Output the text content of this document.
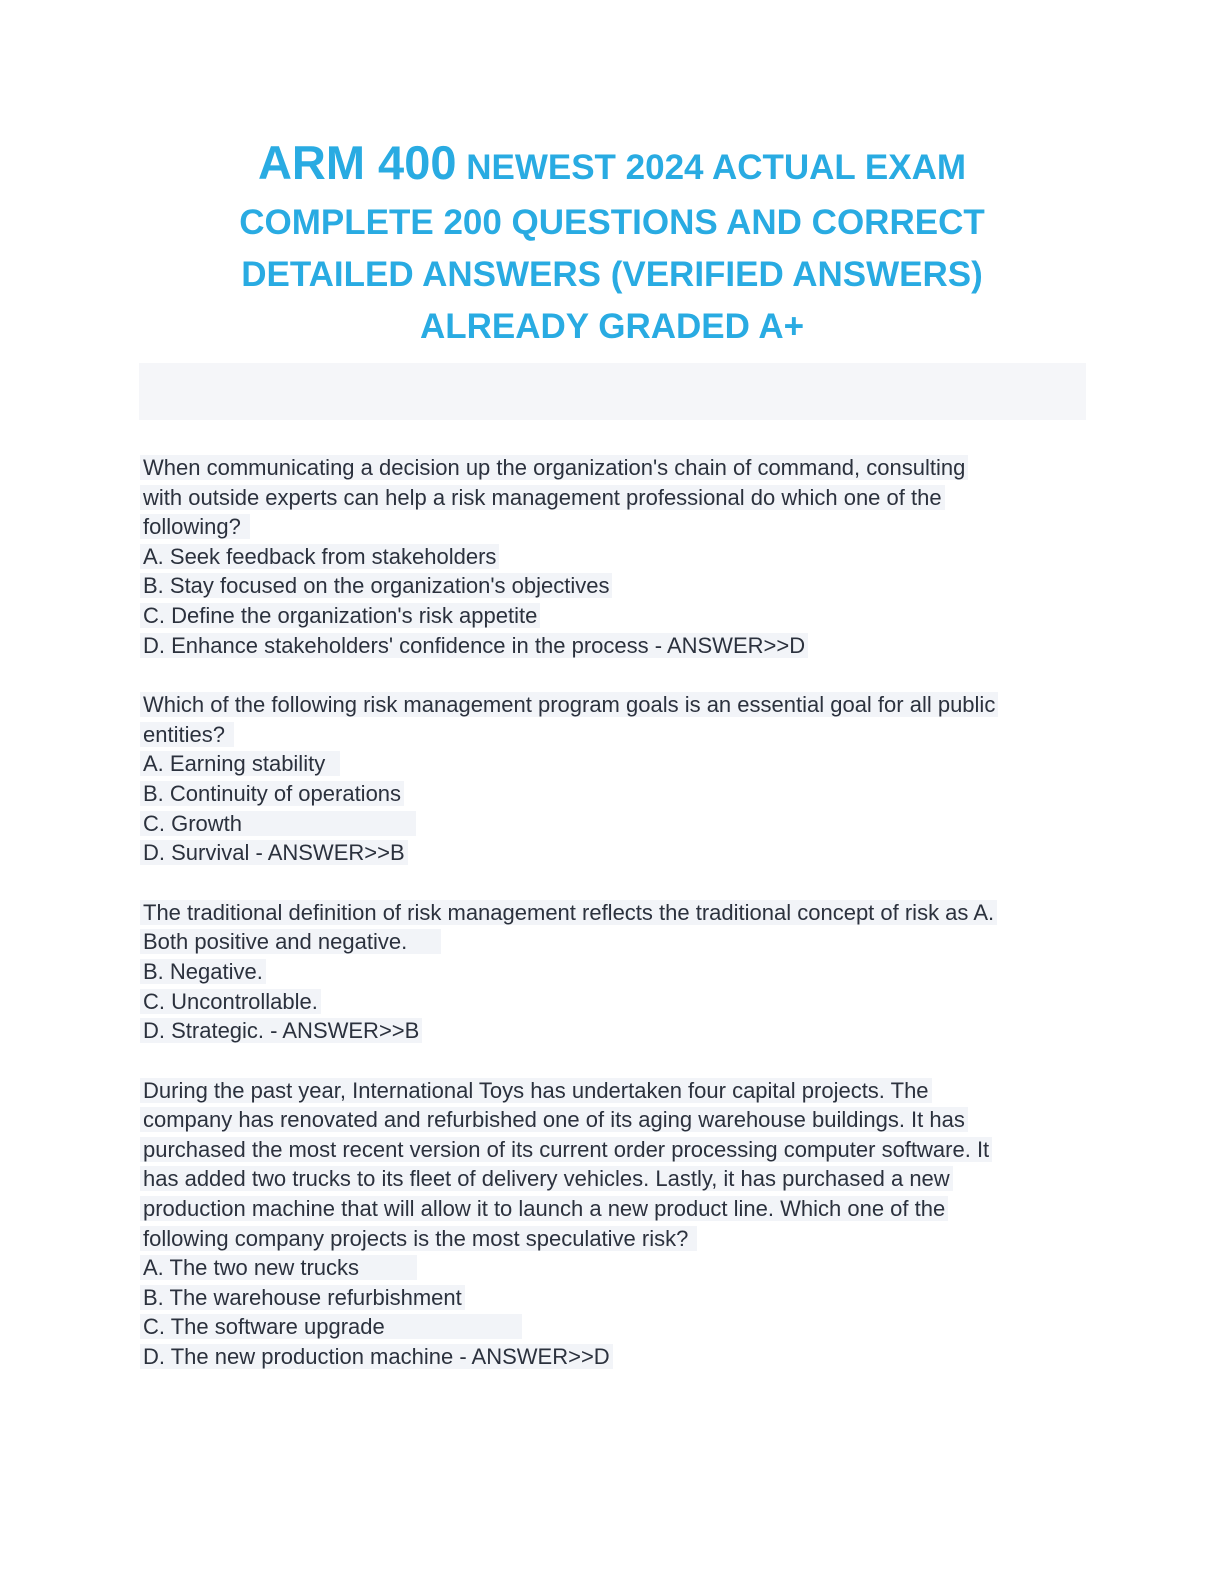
ARM 400 NEWEST 2024 ACTUAL EXAM
COMPLETE 200 QUESTIONS AND CORRECT
DETAILED ANSWERS (VERIFIED ANSWERS)
ALREADY GRADED A+
When communicating a decision up the organization's chain of command, consulting
with outside experts can help a risk management professional do which one of the
following?
A. Seek feedback from stakeholders
B. Stay focused on the organization's objectives
C. Define the organization's risk appetite
D. Enhance stakeholders' confidence in the process - ANSWER>>D
Which of the following risk management program goals is an essential goal for all public
entities?
A. Earning stability
B. Continuity of operations
C. Growth
D. Survival - ANSWER>>B
The traditional definition of risk management reflects the traditional concept of risk as A.
Both positive and negative.
B. Negative.
C. Uncontrollable.
D. Strategic. - ANSWER>>B
During the past year, International Toys has undertaken four capital projects. The
company has renovated and refurbished one of its aging warehouse buildings. It has
purchased the most recent version of its current order processing computer software. It
has added two trucks to its fleet of delivery vehicles. Lastly, it has purchased a new
production machine that will allow it to launch a new product line. Which one of the
following company projects is the most speculative risk?
A. The two new trucks
B. The warehouse refurbishment
C. The software upgrade
D. The new production machine - ANSWER>>D
